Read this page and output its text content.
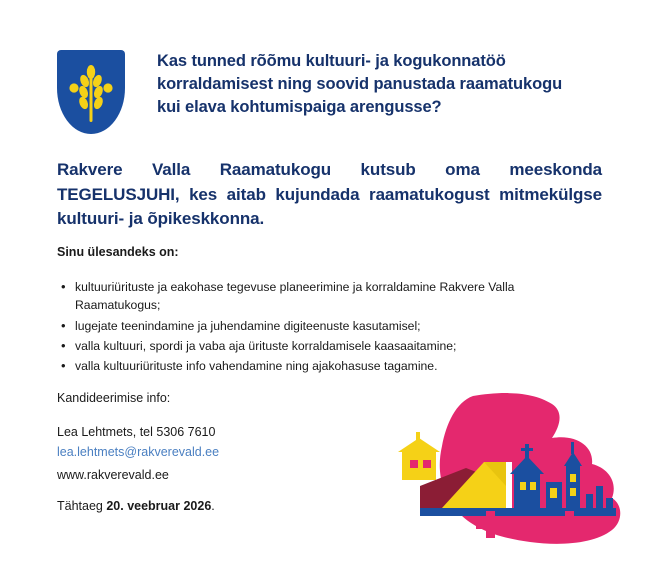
Kas tunned rõõmu kultuuri- ja kogukonnatöö korraldamisest ning soovid panustada raamatukogu kui elava kohtumispaiga arengusse?
Rakvere Valla Raamatukogu kutsub oma meeskonda TEGELUSJUHI, kes aitab kujundada raamatukogust mitmekülgse kultuuri- ja õpikeskkonna.
Sinu ülesandeks on:
• kultuuriürituste ja eakohase tegevuse planeerimine ja korraldamine Rakvere Valla Raamatukogus;
• lugejate teenindamine ja juhendamine digiteenuste kasutamisel;
• valla kultuuri, spordi ja vaba aja ürituste korraldamisele kaasaaitamine;
• valla kultuuriürituste info vahendamine ning ajakohasuse tagamine.
Kandideerimise info:
Lea Lehtmets, tel 5306 7610
lea.lehtmets@rakverevald.ee
www.rakverevald.ee
Tähtaeg 20. veebruar 2026.
